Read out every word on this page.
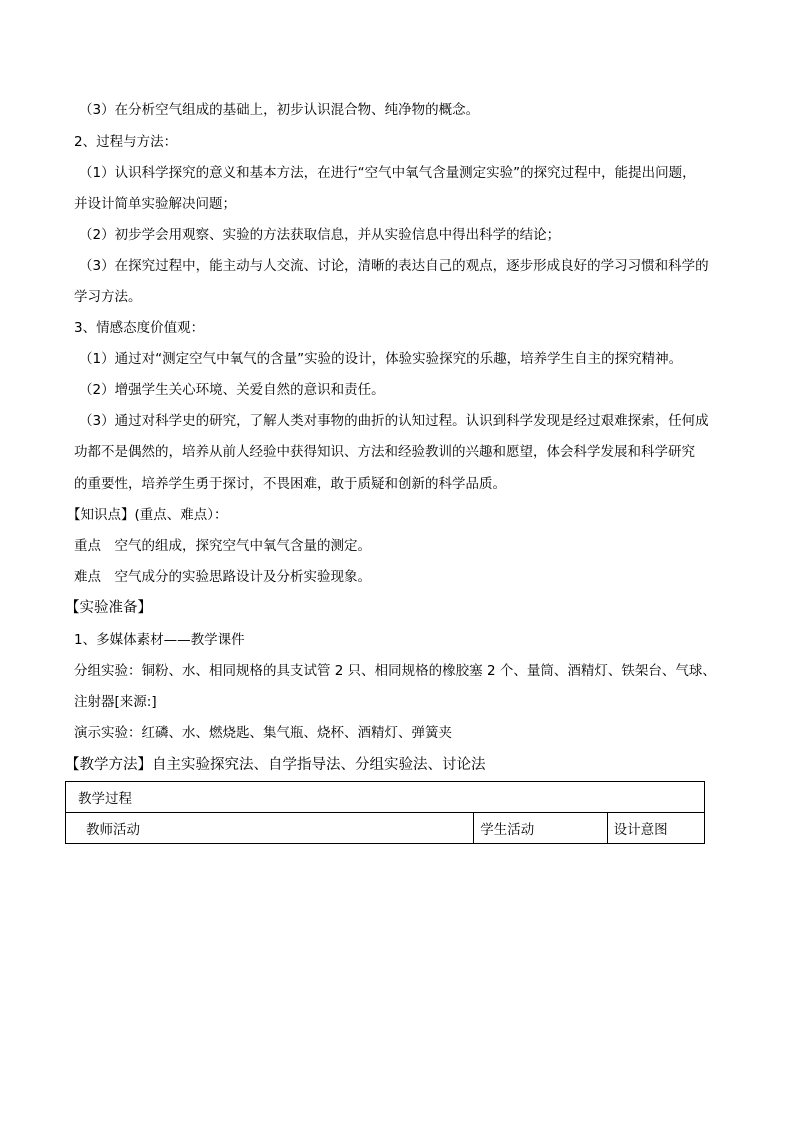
（3）在分析空气组成的基础上，初步认识混合物、纯净物的概念。
2、过程与方法：
（1）认识科学探究的意义和基本方法，在进行“空气中氧气含量测定实验”的探究过程中，能提出问题，
并设计简单实验解决问题；
（2）初步学会用观察、实验的方法获取信息，并从实验信息中得出科学的结论；
（3）在探究过程中，能主动与人交流、讨论，清晰的表达自己的观点，逐步形成良好的学习习惯和科学的
学习方法。
3、情感态度价值观：
（1）通过对“测定空气中氧气的含量”实验的设计，体验实验探究的乐趣，培养学生自主的探究精神。
（2）增强学生关心环境、关爱自然的意识和责任。
（3）通过对科学史的研究，了解人类对事物的曲折的认知过程。认识到科学发现是经过艰难探索，任何成
功都不是偶然的，培养从前人经验中获得知识、方法和经验教训的兴趣和愿望，体会科学发展和科学研究
的重要性，培养学生勇于探讨，不畏困难，敢于质疑和创新的科学品质。
【知识点】(重点、难点）：
重点　空气的组成，探究空气中氧气含量的测定。
难点　空气成分的实验思路设计及分析实验现象。
【实验准备】
1、多媒体素材——教学课件
分组实验：铜粉、水、相同规格的具支试管 2 只、相同规格的橡胶塞 2 个、量筒、酒精灯、铁架台、气球、
注射器[来源:]
演示实验：红磷、水、燃烧匙、集气瓶、烧杯、酒精灯、弹簧夹
【教学方法】自主实验探究法、自学指导法、分组实验法、讨论法
教学过程
教师活动	学生活动	设计意图
